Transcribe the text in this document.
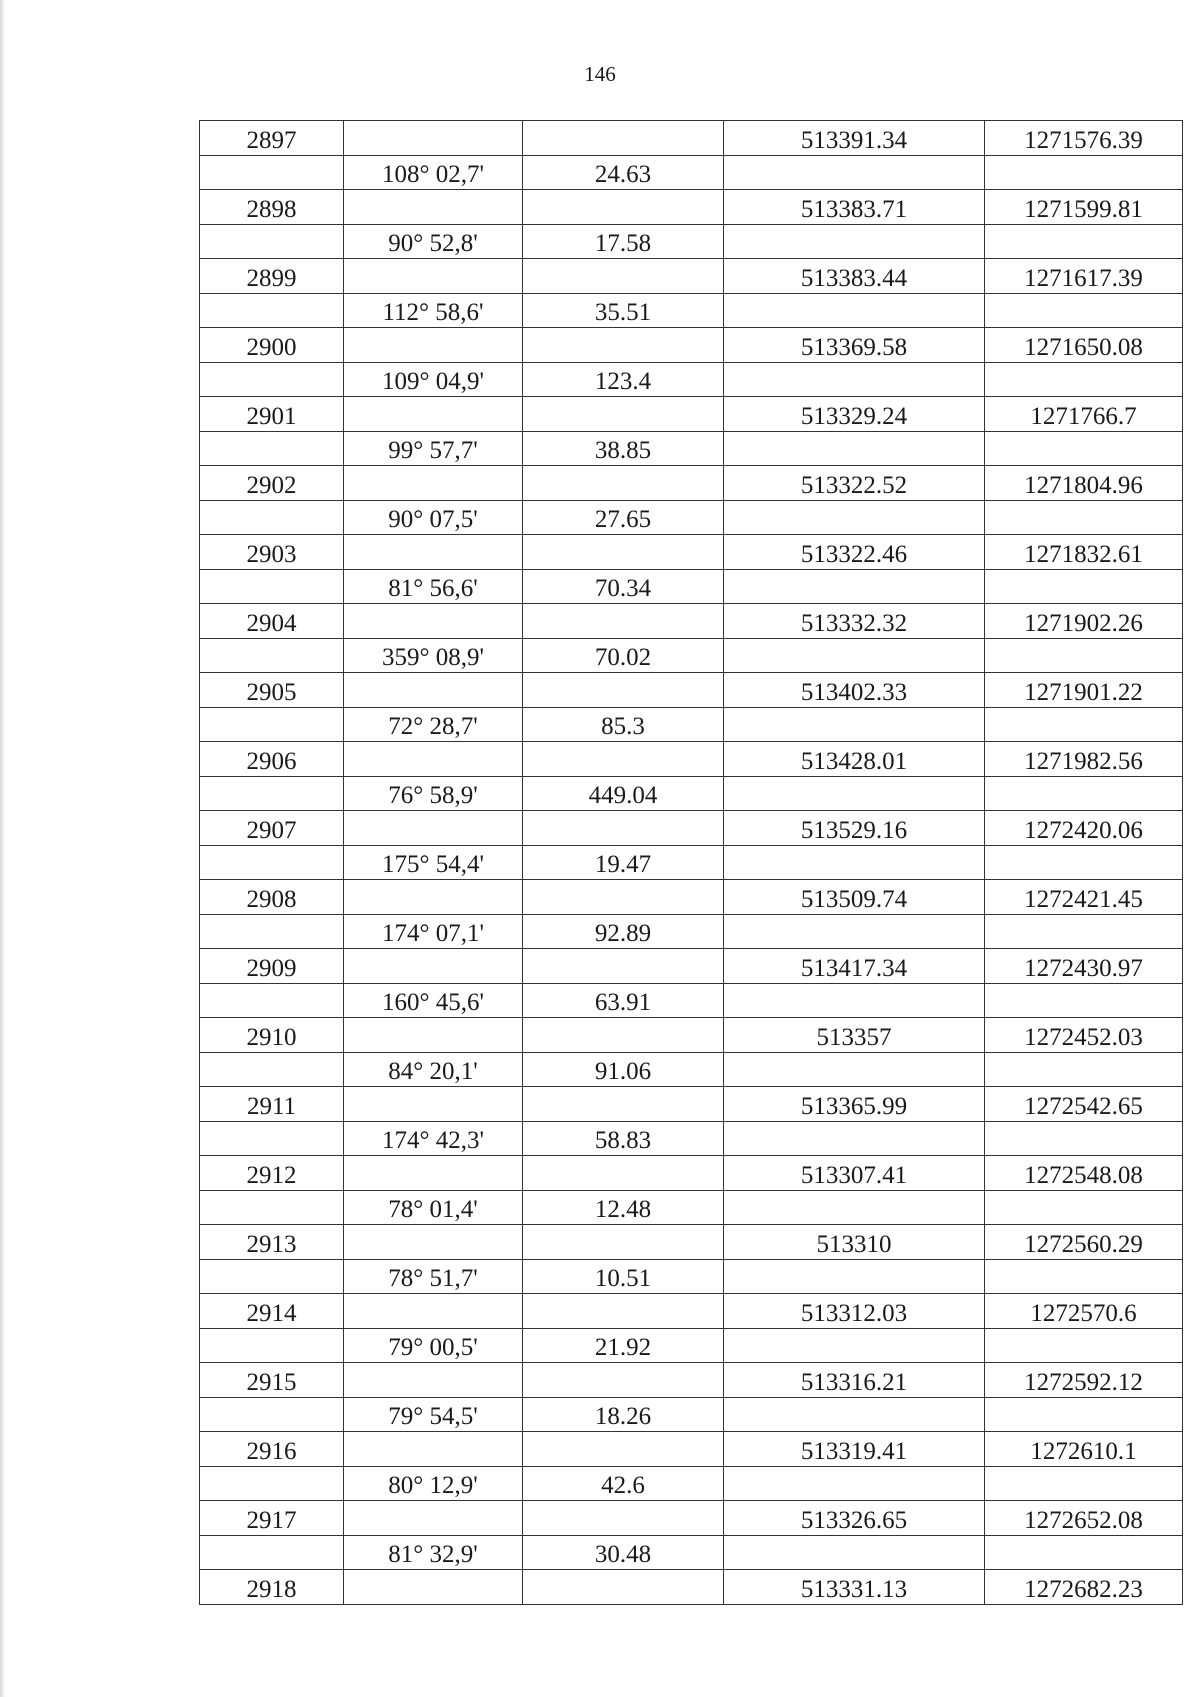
146
2897			513391.34	1271576.39
	108° 02,7'	24.63		
2898			513383.71	1271599.81
	90° 52,8'	17.58		
2899			513383.44	1271617.39
	112° 58,6'	35.51		
2900			513369.58	1271650.08
	109° 04,9'	123.4		
2901			513329.24	1271766.7
	99° 57,7'	38.85		
2902			513322.52	1271804.96
	90° 07,5'	27.65		
2903			513322.46	1271832.61
	81° 56,6'	70.34		
2904			513332.32	1271902.26
	359° 08,9'	70.02		
2905			513402.33	1271901.22
	72° 28,7'	85.3		
2906			513428.01	1271982.56
	76° 58,9'	449.04		
2907			513529.16	1272420.06
	175° 54,4'	19.47		
2908			513509.74	1272421.45
	174° 07,1'	92.89		
2909			513417.34	1272430.97
	160° 45,6'	63.91		
2910			513357	1272452.03
	84° 20,1'	91.06		
2911			513365.99	1272542.65
	174° 42,3'	58.83		
2912			513307.41	1272548.08
	78° 01,4'	12.48		
2913			513310	1272560.29
	78° 51,7'	10.51		
2914			513312.03	1272570.6
	79° 00,5'	21.92		
2915			513316.21	1272592.12
	79° 54,5'	18.26		
2916			513319.41	1272610.1
	80° 12,9'	42.6		
2917			513326.65	1272652.08
	81° 32,9'	30.48		
2918			513331.13	1272682.23
